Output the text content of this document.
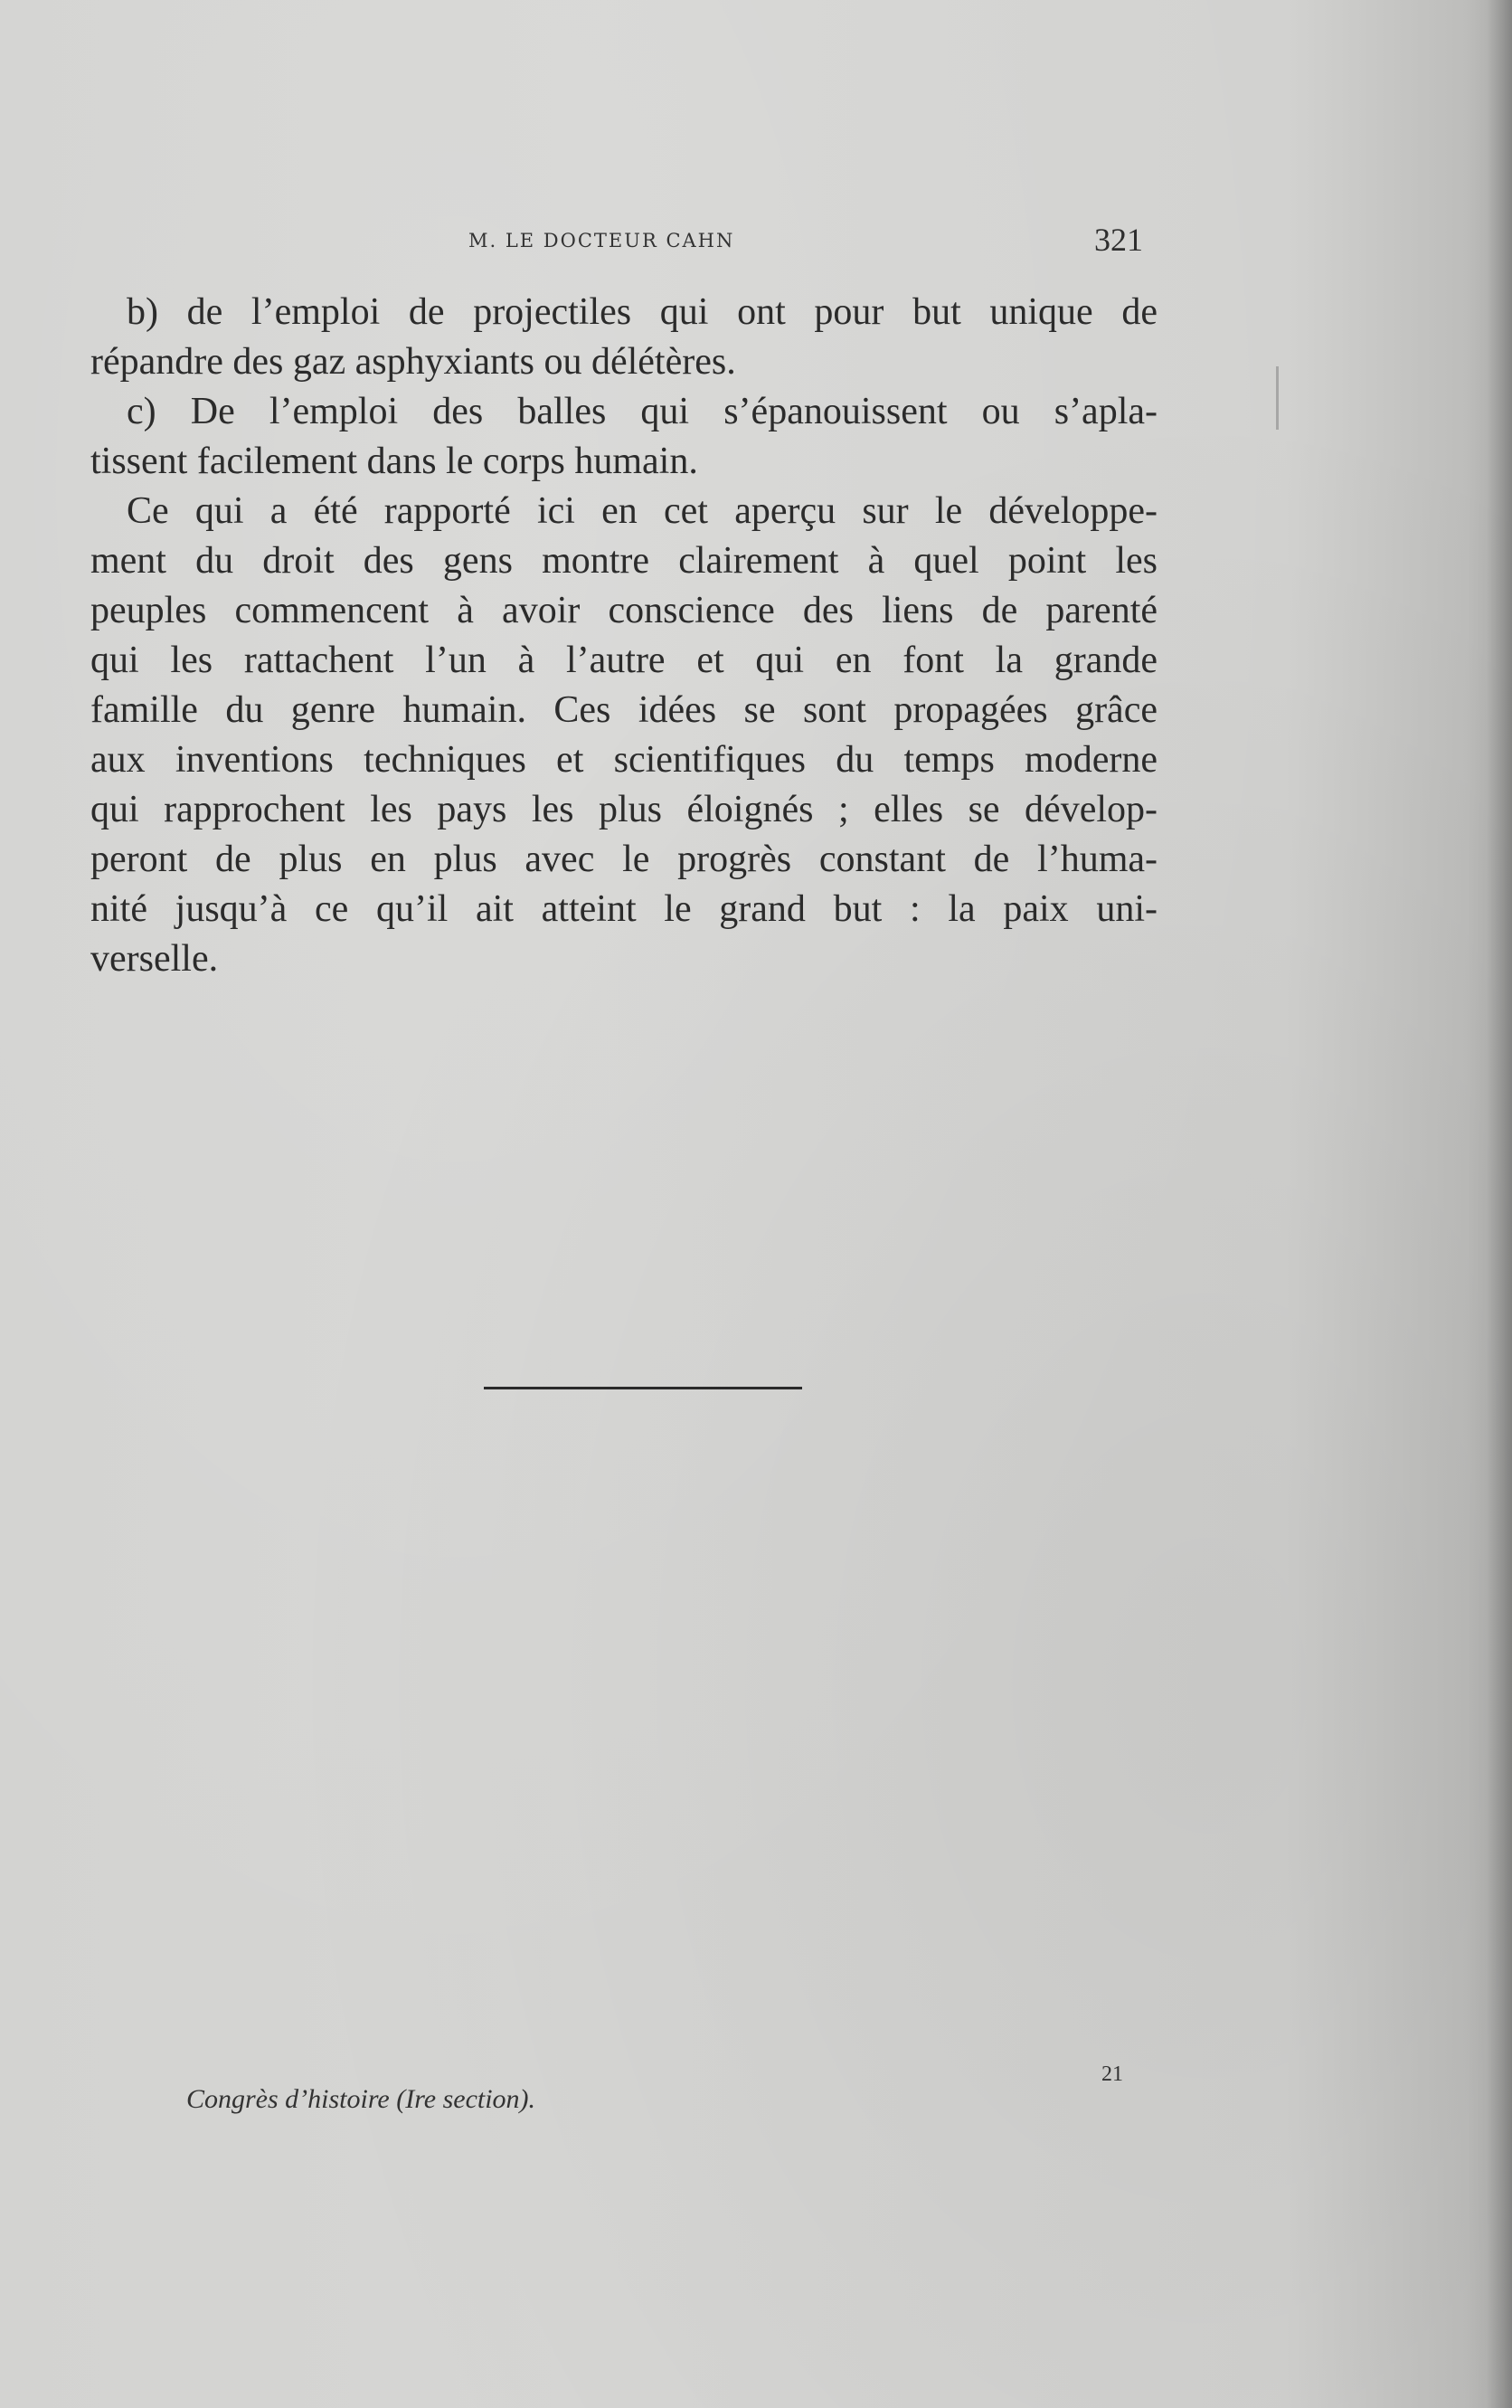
M. LE DOCTEUR CAHN	321
b) de l’emploi de projectiles qui ont pour but unique de
répandre des gaz asphyxiants ou délétères.
c) De l’emploi des balles qui s’épanouissent ou s’apla-
tissent facilement dans le corps humain.
Ce qui a été rapporté ici en cet aperçu sur le développe-
ment du droit des gens montre clairement à quel point les
peuples commencent à avoir conscience des liens de parenté
qui les rattachent l’un à l’autre et qui en font la grande
famille du genre humain. Ces idées se sont propagées grâce
aux inventions techniques et scientifiques du temps moderne
qui rapprochent les pays les plus éloignés ; elles se dévelop-
peront de plus en plus avec le progrès constant de l’huma-
nité jusqu’à ce qu’il ait atteint le grand but : la paix uni-
verselle.
Congrès d’histoire (Ire section).
21
